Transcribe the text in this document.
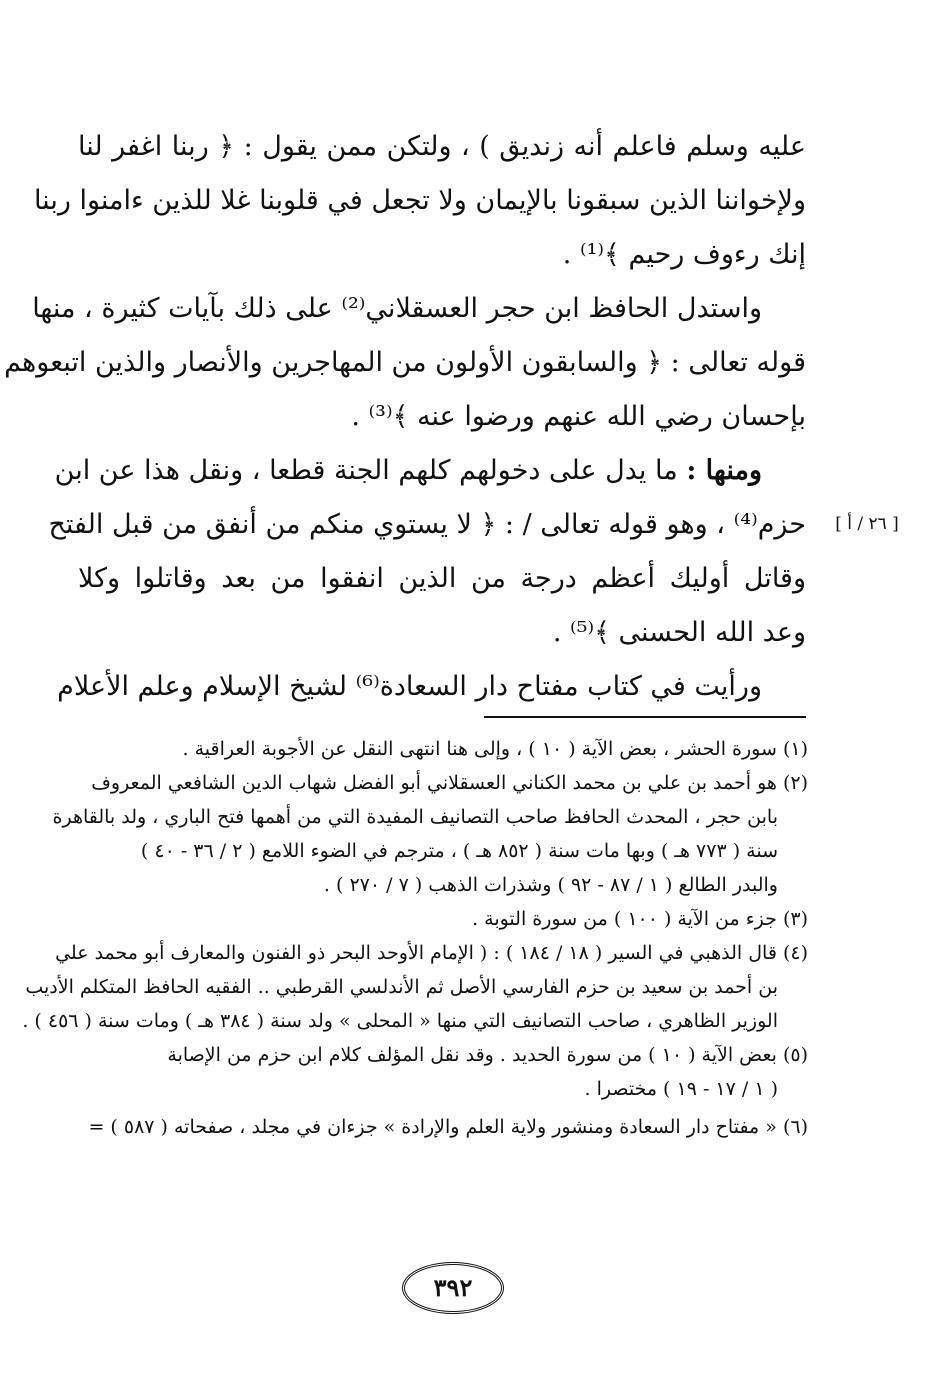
عليه وسلم فاعلم أنه زنديق ) ، ولتكن ممن يقول : ﴿ ربنا اغفر لنا
ولإخواننا الذين سبقونا بالإيمان ولا تجعل في قلوبنا غلا للذين ءامنوا ربنا
إنك رءوف رحيم ﴾⁽¹⁾ .
واستدل الحافظ ابن حجر العسقلاني⁽²⁾ على ذلك بآيات كثيرة ، منها
قوله تعالى : ﴿ والسابقون الأولون من المهاجرين والأنصار والذين اتبعوهم
بإحسان رضي الله عنهم ورضوا عنه ﴾⁽³⁾ .
ومنها : ما يدل على دخولهم كلهم الجنة قطعا ، ونقل هذا عن ابن
حزم⁽⁴⁾ ، وهو قوله تعالى / : ﴿ لا يستوي منكم من أنفق من قبل الفتح
وقاتل أوليك أعظم درجة من الذين انفقوا من بعد وقاتلوا وكلا
وعد الله الحسنى ﴾⁽⁵⁾ .
ورأيت في كتاب مفتاح دار السعادة⁽⁶⁾ لشيخ الإسلام وعلم الأعلام
[ ٢٦ / أ ]
(١) سورة الحشر ، بعض الآية ( ١٠ ) ، وإلى هنا انتهى النقل عن الأجوبة العراقية .
(٢) هو أحمد بن علي بن محمد الكناني العسقلاني أبو الفضل شهاب الدين الشافعي المعروف
بابن حجر ، المحدث الحافظ صاحب التصانيف المفيدة التي من أهمها فتح الباري ، ولد بالقاهرة
سنة ( ٧٧٣ هـ ) وبها مات سنة ( ٨٥٢ هـ ) ، مترجم في الضوء اللامع ( ٢ / ٣٦ - ٤٠ )
والبدر الطالع ( ١ / ٨٧ - ٩٢ ) وشذرات الذهب ( ٧ / ٢٧٠ ) .
(٣) جزء من الآية ( ١٠٠ ) من سورة التوبة .
(٤) قال الذهبي في السير ( ١٨ / ١٨٤ ) : ( الإمام الأوحد البحر ذو الفنون والمعارف أبو محمد علي
بن أحمد بن سعيد بن حزم الفارسي الأصل ثم الأندلسي القرطبي .. الفقيه الحافظ المتكلم الأديب
الوزير الظاهري ، صاحب التصانيف التي منها « المحلى » ولد سنة ( ٣٨٤ هـ ) ومات سنة ( ٤٥٦ ) .
(٥) بعض الآية ( ١٠ ) من سورة الحديد . وقد نقل المؤلف كلام ابن حزم من الإصابة
( ١ / ١٧ - ١٩ ) مختصرا .
(٦) « مفتاح دار السعادة ومنشور ولاية العلم والإرادة » جزءان في مجلد ، صفحاته ( ٥٨٧ ) =
٣٩٢
